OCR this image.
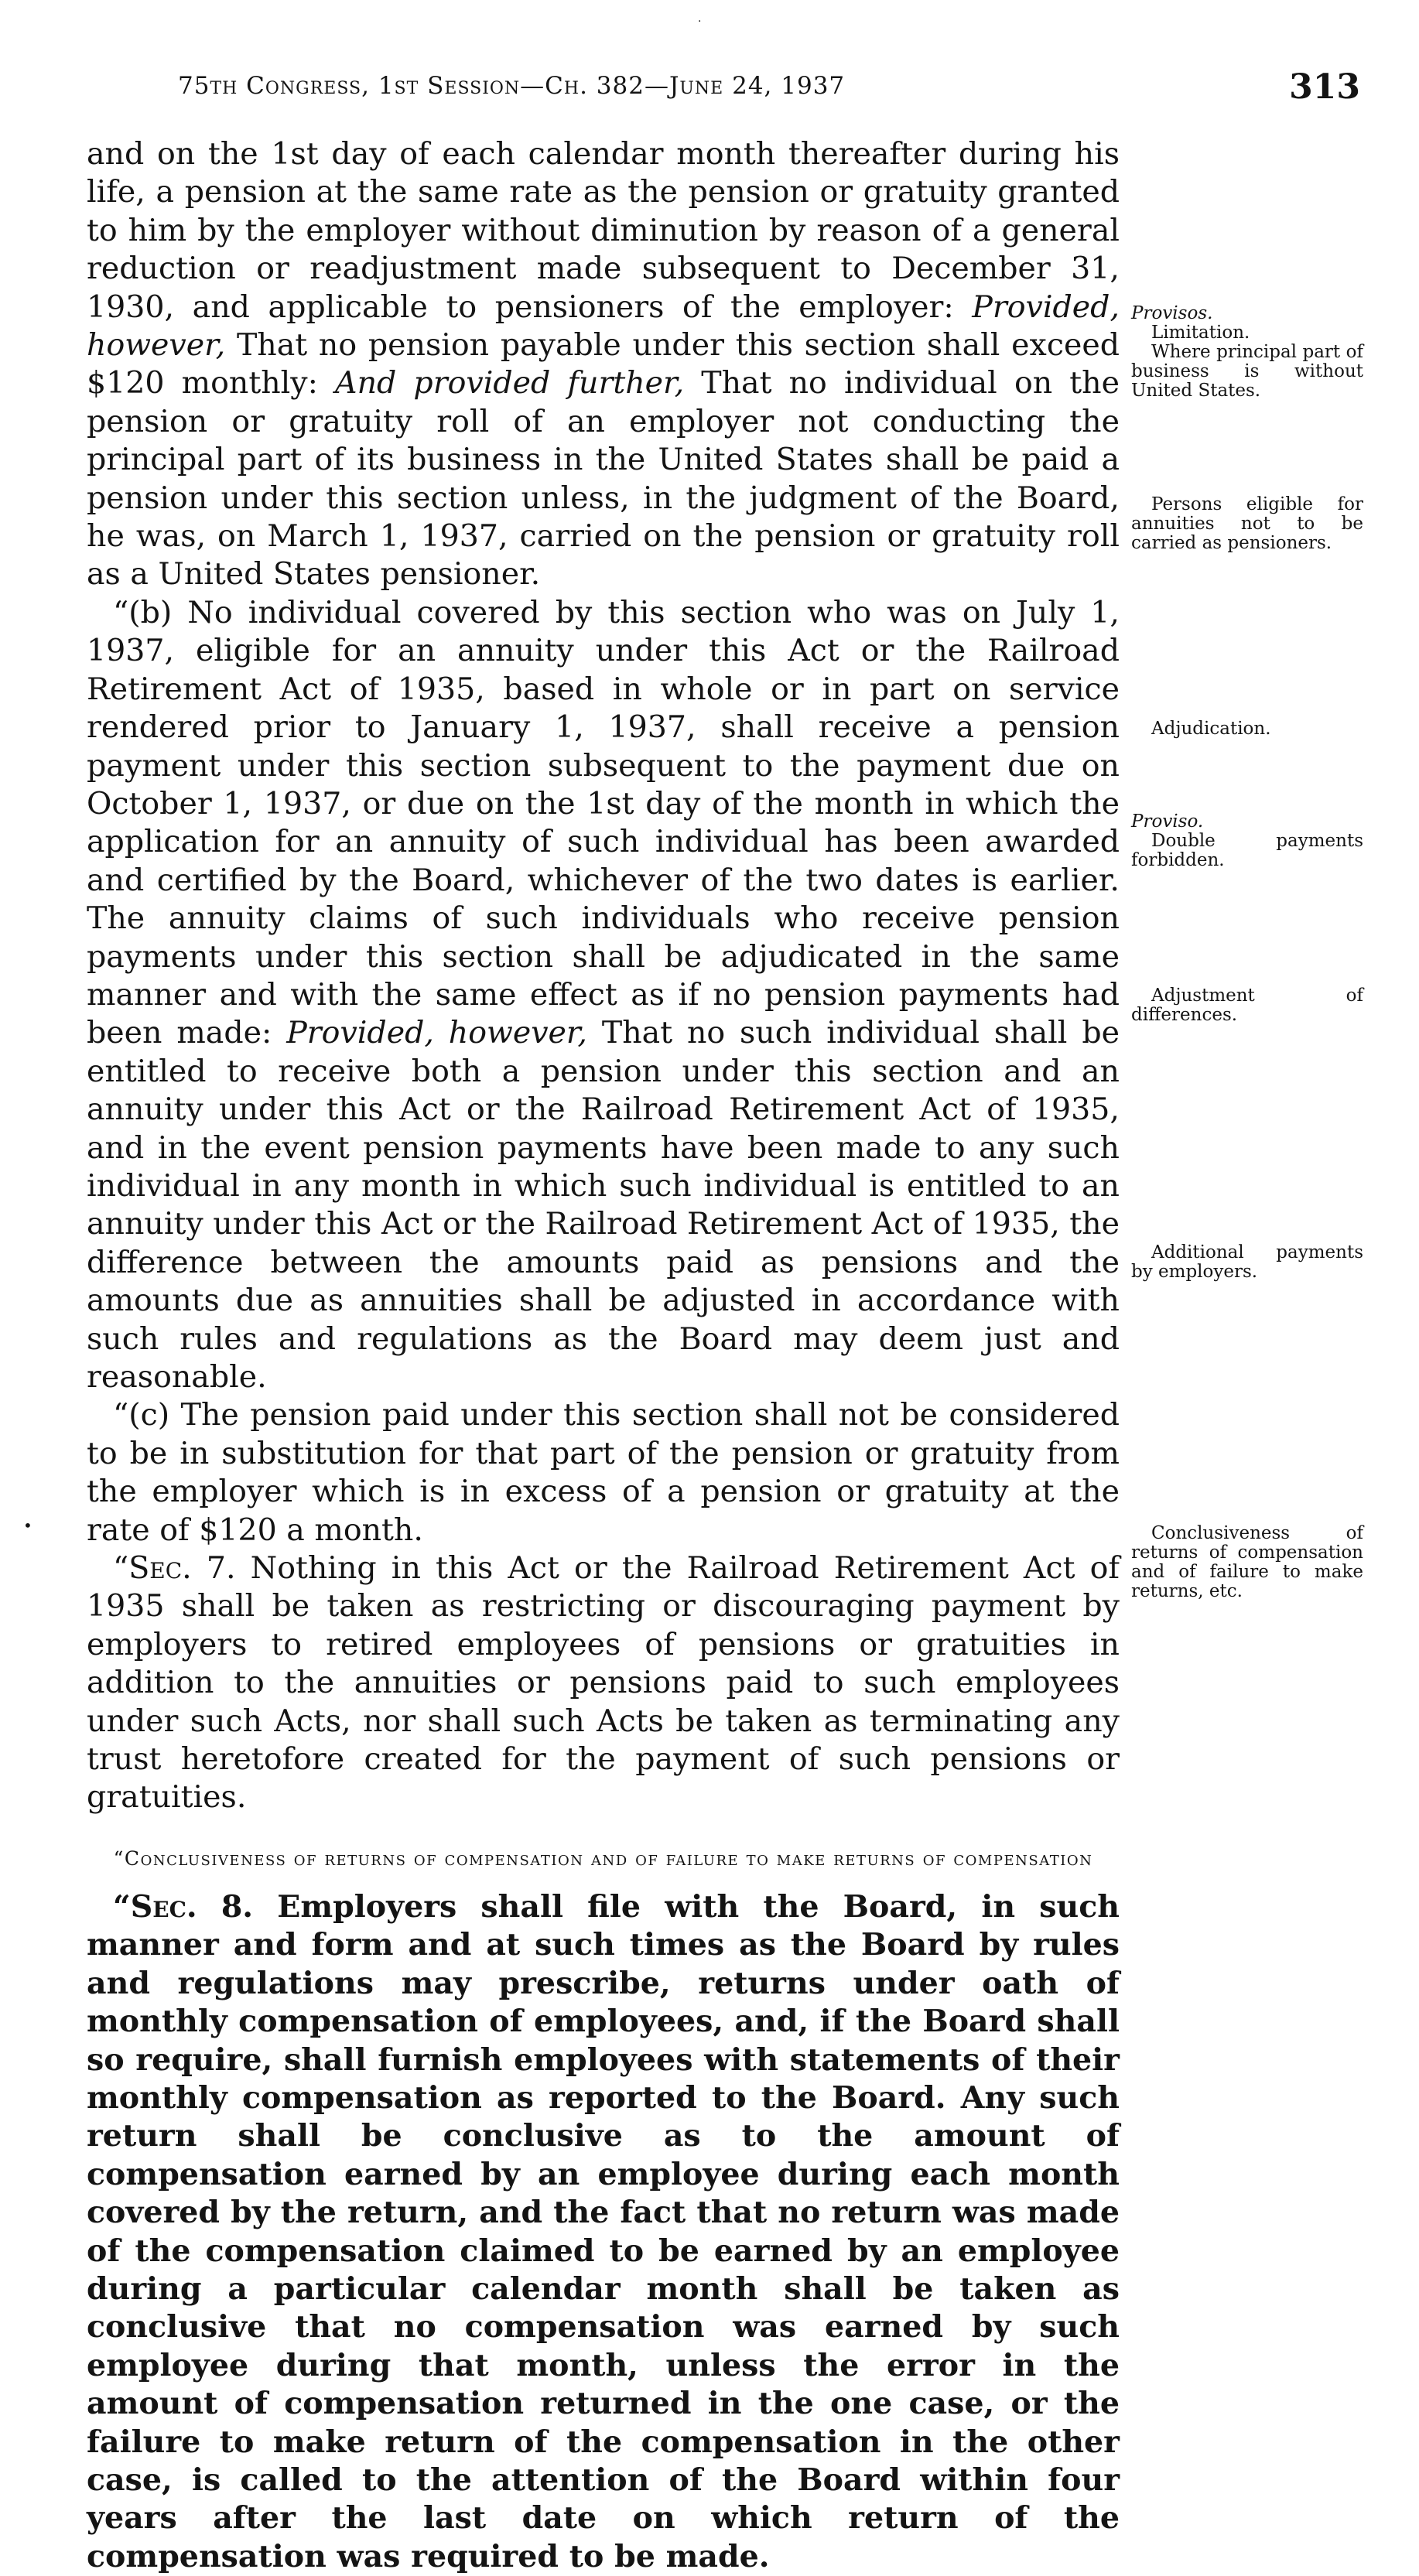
·
75th Congress, 1st Session—Ch. 382—June 24, 1937	313

and on the 1st day of each calendar month thereafter during his life, a pension at the same rate as the pension or gratuity granted to him by the employer without diminution by reason of a general reduction or readjustment made subsequent to December 31, 1930, and applicable to pensioners of the employer: Provided, however, That no pension payable under this section shall exceed $120 monthly: And provided further, That no individual on the pension or gratuity roll of an employer not conducting the principal part of its business in the United States shall be paid a pension under this section unless, in the judgment of the Board, he was, on March 1, 1937, carried on the pension or gratuity roll as a United States pensioner.

“(b) No individual covered by this section who was on July 1, 1937, eligible for an annuity under this Act or the Railroad Retirement Act of 1935, based in whole or in part on service rendered prior to January 1, 1937, shall receive a pension payment under this section subsequent to the payment due on October 1, 1937, or due on the 1st day of the month in which the application for an annuity of such individual has been awarded and certified by the Board, whichever of the two dates is earlier. The annuity claims of such individuals who receive pension payments under this section shall be adjudicated in the same manner and with the same effect as if no pension payments had been made: Provided, however, That no such individual shall be entitled to receive both a pension under this section and an annuity under this Act or the Railroad Retirement Act of 1935, and in the event pension payments have been made to any such individual in any month in which such individual is entitled to an annuity under this Act or the Railroad Retirement Act of 1935, the difference between the amounts paid as pensions and the amounts due as annuities shall be adjusted in accordance with such rules and regulations as the Board may deem just and reasonable.

“(c) The pension paid under this section shall not be considered to be in substitution for that part of the pension or gratuity from the employer which is in excess of a pension or gratuity at the rate of $120 a month.

“Sec. 7. Nothing in this Act or the Railroad Retirement Act of 1935 shall be taken as restricting or discouraging payment by employers to retired employees of pensions or gratuities in addition to the annuities or pensions paid to such employees under such Acts, nor shall such Acts be taken as terminating any trust heretofore created for the payment of such pensions or gratuities.

“Conclusiveness of returns of compensation and of failure to make returns of compensation

“Sec. 8. Employers shall file with the Board, in such manner and form and at such times as the Board by rules and regulations may prescribe, returns under oath of monthly compensation of employees, and, if the Board shall so require, shall furnish employees with statements of their monthly compensation as reported to the Board. Any such return shall be conclusive as to the amount of compensation earned by an employee during each month covered by the return, and the fact that no return was made of the compensation claimed to be earned by an employee during a particular calendar month shall be taken as conclusive that no compensation was earned by such employee during that month, unless the error in the amount of compensation returned in the one case, or the failure to make return of the compensation in the other case, is called to the attention of the Board within four years after the last date on which return of the compensation was required to be made.

Provisos.
Limitation.
Where principal part of business is without United States.
Persons eligible for annuities not to be carried as pensioners.
Adjudication.
Proviso.
Double payments forbidden.
Adjustment of differences.
Additional payments by employers.
Conclusiveness of returns of compensation and of failure to make returns, etc.
•
